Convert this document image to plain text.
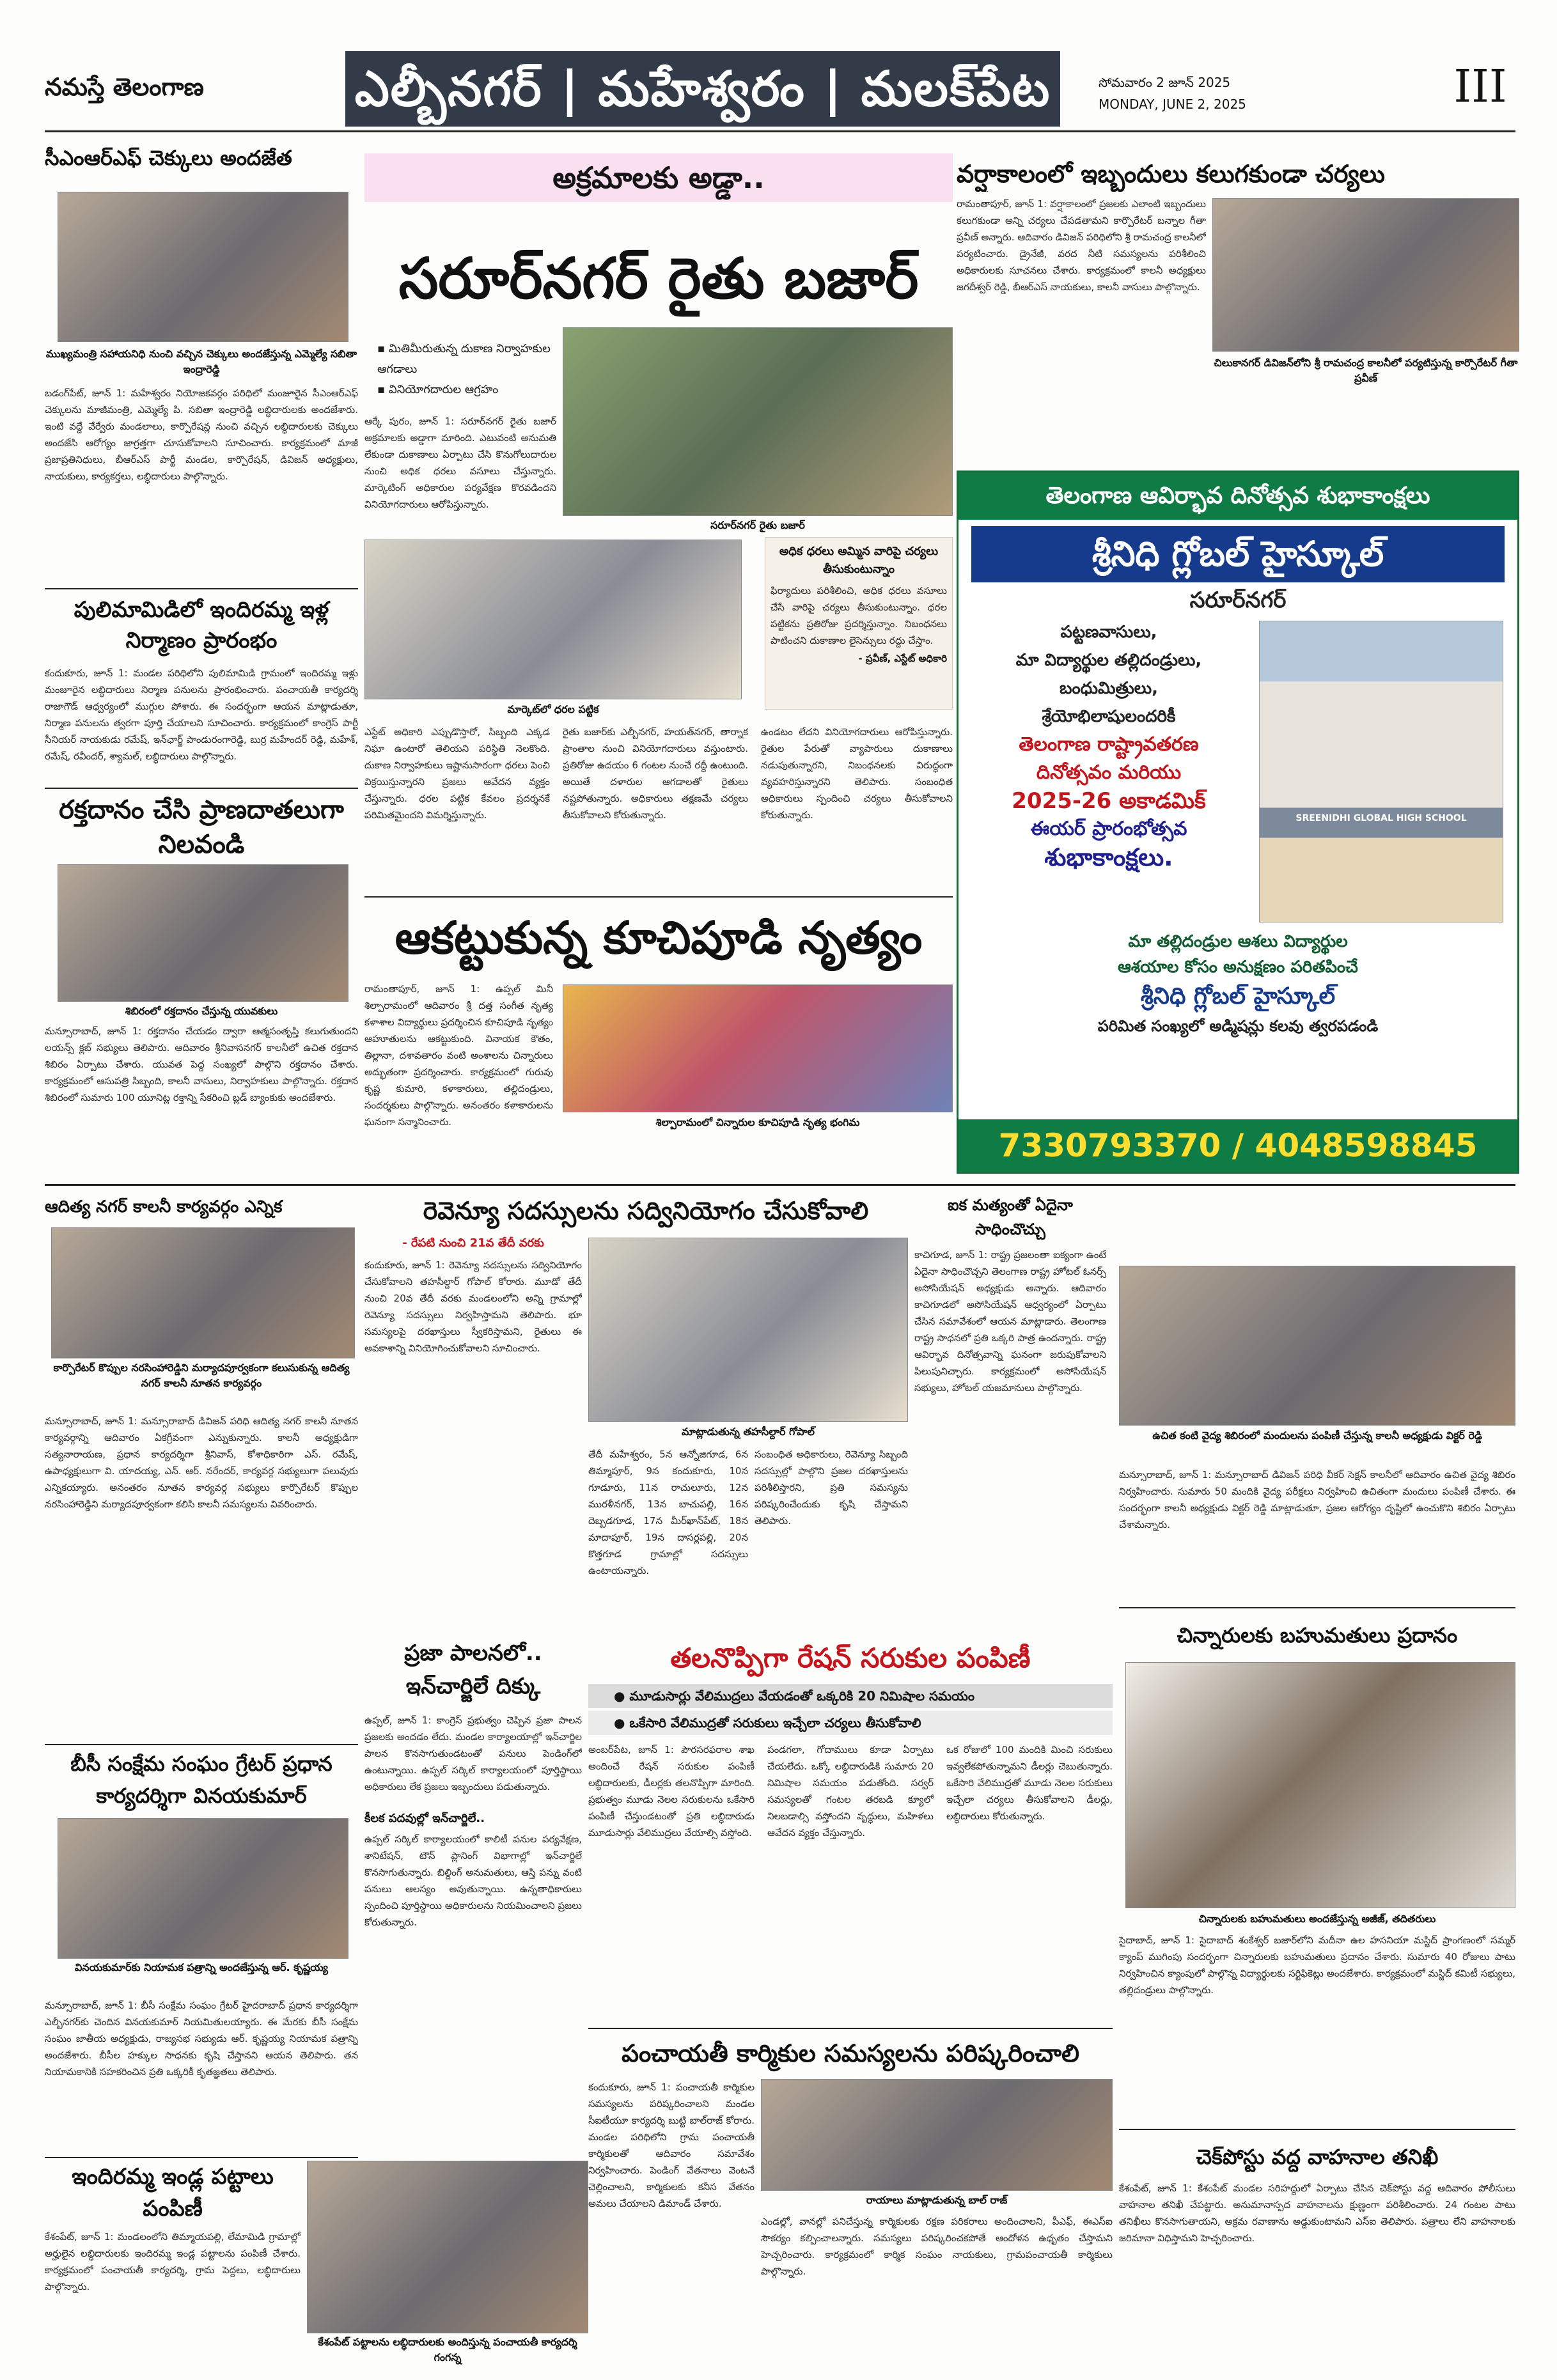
నమస్తే తెలంగాణ	ఎల్బీనగర్ | మహేశ్వరం | మలక్‌పేట	సోమవారం 2 జూన్ 2025
MONDAY, JUNE 2, 2025	III
సీఎంఆర్‌ఎఫ్ చెక్కులు అందజేత
ముఖ్యమంత్రి సహాయనిధి నుంచి వచ్చిన చెక్కులు అందజేస్తున్న ఎమ్మెల్యే సబితా ఇంద్రారెడ్డి
బడంగ్‌పేట్, జూన్ 1: మహేశ్వరం నియోజకవర్గం పరిధిలో మంజూరైన సీఎంఆర్‌ఎఫ్ చెక్కులను మాజీమంత్రి, ఎమ్మెల్యే పి. సబితా ఇంద్రారెడ్డి లబ్ధిదారులకు అందజేశారు. ఇంటి వద్దే వేర్వేరు మండలాలు, కార్పొరేషన్ల నుంచి వచ్చిన లబ్ధిదారులకు చెక్కులు అందజేసి ఆరోగ్యం జాగ్రత్తగా చూసుకోవాలని సూచించారు. కార్యక్రమంలో మాజీ ప్రజాప్రతినిధులు, బీఆర్‌ఎస్ పార్టీ మండల, కార్పొరేషన్, డివిజన్ అధ్యక్షులు, నాయకులు, కార్యకర్తలు, లబ్ధిదారులు పాల్గొన్నారు.
పులిమామిడిలో ఇందిరమ్మ ఇళ్ల నిర్మాణం ప్రారంభం
కందుకూరు, జూన్ 1: మండల పరిధిలోని పులిమామిడి గ్రామంలో ఇందిరమ్మ ఇళ్లు మంజూరైన లబ్ధిదారులు నిర్మాణ పనులను ప్రారంభించారు. పంచాయతీ కార్యదర్శి రాజాగౌడ్ ఆధ్వర్యంలో ముగ్గుల పోశారు. ఈ సందర్భంగా ఆయన మాట్లాడుతూ, నిర్మాణ పనులను త్వరగా పూర్తి చేయాలని సూచించారు. కార్యక్రమంలో కాంగ్రెస్ పార్టీ సీనియర్ నాయకుడు రమేష్, ఇన్‌ఛార్జ్ పాండురంగారెడ్డి, బుర్ర మహేందర్ రెడ్డి, మహేశ్, రమేష్, రవీందర్, శ్యామల్, లబ్ధిదారులు పాల్గొన్నారు.
రక్తదానం చేసి ప్రాణదాతలుగా నిలవండి
శిబిరంలో రక్తదానం చేస్తున్న యువకులు
మన్సూరాబాద్, జూన్ 1: రక్తదానం చేయడం ద్వారా ఆత్మసంతృప్తి కలుగుతుందని లయన్స్ క్లబ్ సభ్యులు తెలిపారు. ఆదివారం శ్రీనివాసనగర్ కాలనీలో ఉచిత రక్తదాన శిబిరం ఏర్పాటు చేశారు. యువత పెద్ద సంఖ్యలో పాల్గొని రక్తదానం చేశారు. కార్యక్రమంలో ఆసుపత్రి సిబ్బంది, కాలనీ వాసులు, నిర్వాహకులు పాల్గొన్నారు. రక్తదాన శిబిరంలో సుమారు 100 యూనిట్ల రక్తాన్ని సేకరించి బ్లడ్ బ్యాంకుకు అందజేశారు.
అక్రమాలకు అడ్డా..
సరూర్‌నగర్ రైతు బజార్
▪ మితిమీరుతున్న దుకాణ నిర్వాహకుల ఆగడాలు
▪ వినియోగదారుల ఆగ్రహం
సరూర్‌నగర్ రైతు బజార్
ఆర్కే పురం, జూన్ 1: సరూర్‌నగర్ రైతు బజార్ అక్రమాలకు అడ్డాగా మారింది. ఎటువంటి అనుమతి లేకుండా దుకాణాలు ఏర్పాటు చేసి కొనుగోలుదారుల నుంచి అధిక ధరలు వసూలు చేస్తున్నారు. మార్కెటింగ్ అధికారుల పర్యవేక్షణ కొరవడిందని వినియోగదారులు ఆరోపిస్తున్నారు.
మార్కెట్‌లో ధరల పట్టిక
అధిక ధరలు అమ్మిన వారిపై చర్యలు తీసుకుంటున్నాం
ఫిర్యాదులు పరిశీలించి, అధిక ధరలు వసూలు చేసే వారిపై చర్యలు తీసుకుంటున్నాం. ధరల పట్టికను ప్రతిరోజు ప్రదర్శిస్తున్నాం. నిబంధనలు పాటించని దుకాణాల లైసెన్సులు రద్దు చేస్తాం.
- ప్రవీణ్, ఎస్టేట్ అధికారి
ఎస్టేట్ అధికారి ఎప్పుడొస్తారో, సిబ్బంది ఎక్కడ నిఘా ఉంటారో తెలియని పరిస్థితి నెలకొంది. దుకాణ నిర్వాహకులు ఇష్టానుసారంగా ధరలు పెంచి విక్రయిస్తున్నారని ప్రజలు ఆవేదన వ్యక్తం చేస్తున్నారు. ధరల పట్టిక కేవలం ప్రదర్శనకే పరిమితమైందని విమర్శిస్తున్నారు.
రైతు బజార్‌కు ఎల్బీనగర్, హయత్‌నగర్, తార్నాక ప్రాంతాల నుంచి వినియోగదారులు వస్తుంటారు. ప్రతిరోజు ఉదయం 6 గంటల నుంచే రద్దీ ఉంటుంది. అయితే దళారుల ఆగడాలతో రైతులు నష్టపోతున్నారు. అధికారులు తక్షణమే చర్యలు తీసుకోవాలని కోరుతున్నారు.
ఉండటం లేదని వినియోగదారులు ఆరోపిస్తున్నారు. రైతుల పేరుతో వ్యాపారులు దుకాణాలు నడుపుతున్నారని, నిబంధనలకు విరుద్ధంగా వ్యవహరిస్తున్నారని తెలిపారు. సంబంధిత అధికారులు స్పందించి చర్యలు తీసుకోవాలని కోరుతున్నారు.
ఆకట్టుకున్న కూచిపూడి నృత్యం
శిల్పారామంలో చిన్నారుల కూచిపూడి నృత్య భంగిమ
రామంతాపూర్, జూన్ 1: ఉప్పల్ మినీ శిల్పారామంలో ఆదివారం శ్రీ దత్త సంగీత నృత్య కళాశాల విద్యార్థులు ప్రదర్శించిన కూచిపూడి నృత్యం ఆహూతులను ఆకట్టుకుంది. వినాయక కౌతం, తిల్లానా, దశావతారం వంటి అంశాలను చిన్నారులు అద్భుతంగా ప్రదర్శించారు. కార్యక్రమంలో గురువు కృష్ణ కుమారి, కళాకారులు, తల్లిదండ్రులు, సందర్శకులు పాల్గొన్నారు. అనంతరం కళాకారులను ఘనంగా సన్మానించారు.
వర్షాకాలంలో ఇబ్బందులు కలుగకుండా చర్యలు
రామంతాపూర్, జూన్ 1: వర్షాకాలంలో ప్రజలకు ఎలాంటి ఇబ్బందులు కలుగకుండా అన్ని చర్యలు చేపడతామని కార్పొరేటర్ బన్నాల గీతా ప్రవీణ్ అన్నారు. ఆదివారం డివిజన్ పరిధిలోని శ్రీ రామచంద్ర కాలనీలో పర్యటించారు. డ్రైనేజీ, వరద నీటి సమస్యలను పరిశీలించి అధికారులకు సూచనలు చేశారు. కార్యక్రమంలో కాలనీ అధ్యక్షులు జగదీశ్వర్ రెడ్డి, బీఆర్‌ఎస్ నాయకులు, కాలనీ వాసులు పాల్గొన్నారు.
చిలుకానగర్ డివిజన్‌లోని శ్రీ రామచంద్ర కాలనీలో పర్యటిస్తున్న కార్పొరేటర్ గీతా ప్రవీణ్
తెలంగాణ ఆవిర్భావ దినోత్సవ శుభాకాంక్షలు
శ్రీనిధి గ్లోబల్ హైస్కూల్
సరూర్‌నగర్
పట్టణవాసులు,
మా విద్యార్థుల తల్లిదండ్రులు,
బంధుమిత్రులు,
శ్రేయోభిలాషులందరికీ
తెలంగాణ రాష్ట్రావతరణ
దినోత్సవం మరియు
2025-26 అకాడమిక్
ఈయర్ ప్రారంభోత్సవ
శుభాకాంక్షలు.
SREENIDHI GLOBAL HIGH SCHOOL
మా తల్లిదండ్రుల ఆశలు విద్యార్థుల
ఆశయాల కోసం అనుక్షణం పరితపించే
శ్రీనిధి గ్లోబల్ హైస్కూల్
పరిమిత సంఖ్యలో అడ్మిషన్లు కలవు త్వరపడండి
7330793370 / 4048598845
ఆదిత్య నగర్ కాలనీ కార్యవర్గం ఎన్నిక
కార్పొరేటర్ కొప్పుల నరసింహారెడ్డిని మర్యాదపూర్వకంగా కలుసుకున్న ఆదిత్య నగర్ కాలనీ నూతన కార్యవర్గం
మన్సూరాబాద్, జూన్ 1: మన్సూరాబాద్ డివిజన్ పరిధి ఆదిత్య నగర్ కాలనీ నూతన కార్యవర్గాన్ని ఆదివారం ఏకగ్రీవంగా ఎన్నుకున్నారు. కాలనీ అధ్యక్షుడిగా సత్యనారాయణ, ప్రధాన కార్యదర్శిగా శ్రీనివాస్, కోశాధికారిగా ఎస్. రమేష్, ఉపాధ్యక్షులుగా వి. యాదయ్య, ఎన్. ఆర్. నరేందర్, కార్యవర్గ సభ్యులుగా పలువురు ఎన్నికయ్యారు. అనంతరం నూతన కార్యవర్గ సభ్యులు కార్పొరేటర్ కొప్పుల నరసింహారెడ్డిని మర్యాదపూర్వకంగా కలిసి కాలనీ సమస్యలను వివరించారు.
బీసీ సంక్షేమ సంఘం గ్రేటర్ ప్రధాన కార్యదర్శిగా వినయకుమార్
వినయకుమార్‌కు నియామక పత్రాన్ని అందజేస్తున్న ఆర్. కృష్ణయ్య
మన్సూరాబాద్, జూన్ 1: బీసీ సంక్షేమ సంఘం గ్రేటర్ హైదరాబాద్ ప్రధాన కార్యదర్శిగా ఎల్బీనగర్‌కు చెందిన వినయకుమార్ నియమితులయ్యారు. ఈ మేరకు బీసీ సంక్షేమ సంఘం జాతీయ అధ్యక్షుడు, రాజ్యసభ సభ్యుడు ఆర్. కృష్ణయ్య నియామక పత్రాన్ని అందజేశారు. బీసీల హక్కుల సాధనకు కృషి చేస్తానని ఆయన తెలిపారు. తన నియామకానికి సహకరించిన ప్రతి ఒక్కరికీ కృతజ్ఞతలు తెలిపారు.
ఇందిరమ్మ ఇండ్ల పట్టాలు పంపిణీ
కేశంపేట్, జూన్ 1: మండలంలోని తిమ్మాయపల్లి, లేమామిడి గ్రామాల్లో అర్హులైన లబ్ధిదారులకు ఇందిరమ్మ ఇండ్ల పట్టాలను పంపిణీ చేశారు. కార్యక్రమంలో పంచాయతీ కార్యదర్శి, గ్రామ పెద్దలు, లబ్ధిదారులు పాల్గొన్నారు.
కేశంపేట్ పట్టాలను లబ్ధిదారులకు అందిస్తున్న పంచాయతీ కార్యదర్శి గంగన్న
రెవెన్యూ సదస్సులను సద్వినియోగం చేసుకోవాలి
- రేపటి నుంచి 21వ తేదీ వరకు
కందుకూరు, జూన్ 1: రెవెన్యూ సదస్సులను సద్వినియోగం చేసుకోవాలని తహసీల్దార్ గోపాల్ కోరారు. మూడో తేదీ నుంచి 20వ తేదీ వరకు మండలంలోని అన్ని గ్రామాల్లో రెవెన్యూ సదస్సులు నిర్వహిస్తామని తెలిపారు. భూ సమస్యలపై దరఖాస్తులు స్వీకరిస్తామని, రైతులు ఈ అవకాశాన్ని వినియోగించుకోవాలని సూచించారు.
మాట్లాడుతున్న తహసీల్దార్ గోపాల్
తేదీ మహేశ్వరం, 5న ఆన్నోజిగూడ, 6న తిమ్మాపూర్, 9న కందుకూరు, 10న గూడూరు, 11న రాచులూరు, 12న మురళీనగర్, 13న బాచుపల్లి, 16న దెబ్బడగూడ, 17న మీర్‌ఖాన్‌పేట్, 18న మాదాపూర్, 19న దాసర్లపల్లి, 20న కొత్తగూడ గ్రామాల్లో సదస్సులు ఉంటాయన్నారు.
సంబంధిత అధికారులు, రెవెన్యూ సిబ్బంది సదస్సుల్లో పాల్గొని ప్రజల దరఖాస్తులను పరిశీలిస్తారని, ప్రతి సమస్యను పరిష్కరించేందుకు కృషి చేస్తామని తెలిపారు.
ఐక మత్యంతో ఏదైనా సాధించొచ్చు
కాచిగూడ, జూన్ 1: రాష్ట్ర ప్రజలంతా ఐక్యంగా ఉంటే ఏదైనా సాధించొచ్చని తెలంగాణ రాష్ట్ర హోటల్ ఓనర్స్ అసోసియేషన్ అధ్యక్షుడు అన్నారు. ఆదివారం కాచిగూడలో అసోసియేషన్ ఆధ్వర్యంలో ఏర్పాటు చేసిన సమావేశంలో ఆయన మాట్లాడారు. తెలంగాణ రాష్ట్ర సాధనలో ప్రతి ఒక్కరి పాత్ర ఉందన్నారు. రాష్ట్ర ఆవిర్భావ దినోత్సవాన్ని ఘనంగా జరుపుకోవాలని పిలుపునిచ్చారు. కార్యక్రమంలో అసోసియేషన్ సభ్యులు, హోటల్ యజమానులు పాల్గొన్నారు.
ఉచిత కంటి వైద్య శిబిరంలో మందులను పంపిణీ చేస్తున్న కాలనీ అధ్యక్షుడు విక్టర్ రెడ్డి
మన్సూరాబాద్, జూన్ 1: మన్సూరాబాద్ డివిజన్ పరిధి వీకర్ సెక్షన్ కాలనీలో ఆదివారం ఉచిత వైద్య శిబిరం నిర్వహించారు. సుమారు 50 మందికి వైద్య పరీక్షలు నిర్వహించి ఉచితంగా మందులు పంపిణీ చేశారు. ఈ సందర్భంగా కాలనీ అధ్యక్షుడు విక్టర్ రెడ్డి మాట్లాడుతూ, ప్రజల ఆరోగ్యం దృష్టిలో ఉంచుకొని శిబిరం ఏర్పాటు చేశామన్నారు.
ప్రజా పాలనలో.. ఇన్‌చార్జిలే దిక్కు
ఉప్పల్, జూన్ 1: కాంగ్రెస్ ప్రభుత్వం చెప్పిన ప్రజా పాలన ప్రజలకు అందడం లేదు. మండల కార్యాలయాల్లో ఇన్‌చార్జిల పాలన కొనసాగుతుండటంతో పనులు పెండింగ్‌లో ఉంటున్నాయి. ఉప్పల్ సర్కిల్ కార్యాలయంలో పూర్తిస్థాయి అధికారులు లేక ప్రజలు ఇబ్బందులు పడుతున్నారు.
కీలక పదవుల్లో ఇన్‌చార్జిలే..
ఉప్పల్ సర్కిల్ కార్యాలయంలో కాలిటీ పనుల పర్యవేక్షణ, శానిటేషన్, టౌన్ ప్లానింగ్ విభాగాల్లో ఇన్‌చార్జిలే కొనసాగుతున్నారు. బిల్డింగ్ అనుమతులు, ఆస్తి పన్ను వంటి పనులు ఆలస్యం అవుతున్నాయి. ఉన్నతాధికారులు స్పందించి పూర్తిస్థాయి అధికారులను నియమించాలని ప్రజలు కోరుతున్నారు.
తలనొప్పిగా రేషన్ సరుకుల పంపిణీ
● మూడుసార్లు వేలిముద్రలు వేయడంతో ఒక్కరికి 20 నిమిషాల సమయం
● ఒకేసారి వేలిముద్రతో సరుకులు ఇచ్చేలా చర్యలు తీసుకోవాలి
అంబర్‌పేట, జూన్ 1: పౌరసరఫరాల శాఖ అందించే రేషన్ సరుకుల పంపిణీ లబ్ధిదారులకు, డీలర్లకు తలనొప్పిగా మారింది. ప్రభుత్వం మూడు నెలల సరుకులను ఒకేసారి పంపిణీ చేస్తుండటంతో ప్రతి లబ్ధిదారుడు మూడుసార్లు వేలిముద్రలు వేయాల్సి వస్తోంది.
పండగలా, గోదాములు కూడా ఏర్పాటు చేయలేదు. ఒక్కో లబ్ధిదారుడికి సుమారు 20 నిమిషాల సమయం పడుతోంది. సర్వర్ సమస్యలతో గంటల తరబడి క్యూలో నిలబడాల్సి వస్తోందని వృద్ధులు, మహిళలు ఆవేదన వ్యక్తం చేస్తున్నారు.
ఒక రోజులో 100 మందికి మించి సరుకులు ఇవ్వలేకపోతున్నామని డీలర్లు చెబుతున్నారు. ఒకేసారి వేలిముద్రతో మూడు నెలల సరుకులు ఇచ్చేలా చర్యలు తీసుకోవాలని డీలర్లు, లబ్ధిదారులు కోరుతున్నారు.
చిన్నారులకు బహుమతులు ప్రదానం
చిన్నారులకు బహుమతులు అందజేస్తున్న అజీజ్, తదితరులు
సైదాబాద్, జూన్ 1: సైదాబాద్ శంకేశ్వర్ బజార్‌లోని మదీనా ఉల హసనియా మస్జిద్ ప్రాంగణంలో సమ్మర్ క్యాంప్ ముగింపు సందర్భంగా చిన్నారులకు బహుమతులు ప్రదానం చేశారు. సుమారు 40 రోజులు పాటు నిర్వహించిన క్యాంపులో పాల్గొన్న విద్యార్థులకు సర్టిఫికెట్లు అందజేశారు. కార్యక్రమంలో మస్జిద్ కమిటీ సభ్యులు, తల్లిదండ్రులు పాల్గొన్నారు.
పంచాయతీ కార్మికుల సమస్యలను పరిష్కరించాలి
కందుకూరు, జూన్ 1: పంచాయతీ కార్మికుల సమస్యలను పరిష్కరించాలని మండల సీఐటీయూ కార్యదర్శి బుట్టి బాల్‌రాజ్ కోరారు. మండల పరిధిలోని గ్రామ పంచాయతీ కార్మికులతో ఆదివారం సమావేశం నిర్వహించారు. పెండింగ్ వేతనాలు వెంటనే చెల్లించాలని, కార్మికులకు కనీస వేతనం అమలు చేయాలని డిమాండ్ చేశారు.	రాయాలు మాట్లాడుతున్న బాల్ రాజ్
ఎండల్లో, వానల్లో పనిచేస్తున్న కార్మికులకు రక్షణ పరికరాలు అందించాలని, పీఎఫ్, ఈఎస్ఐ సౌకర్యం కల్పించాలన్నారు. సమస్యలు పరిష్కరించకపోతే ఆందోళన ఉధృతం చేస్తామని హెచ్చరించారు. కార్యక్రమంలో కార్మిక సంఘం నాయకులు, గ్రామపంచాయతీ కార్మికులు పాల్గొన్నారు.
చెక్‌పోస్టు వద్ద వాహనాల తనిఖీ
కేశంపేట్, జూన్ 1: కేశంపేట్ మండల సరిహద్దులో ఏర్పాటు చేసిన చెక్‌పోస్టు వద్ద ఆదివారం పోలీసులు వాహనాల తనిఖీ చేపట్టారు. అనుమానాస్పద వాహనాలను క్షుణ్ణంగా పరిశీలించారు. 24 గంటల పాటు తనిఖీలు కొనసాగుతాయని, అక్రమ రవాణాను అడ్డుకుంటామని ఎస్ఐ తెలిపారు. పత్రాలు లేని వాహనాలకు జరిమానా విధిస్తామని హెచ్చరించారు.
